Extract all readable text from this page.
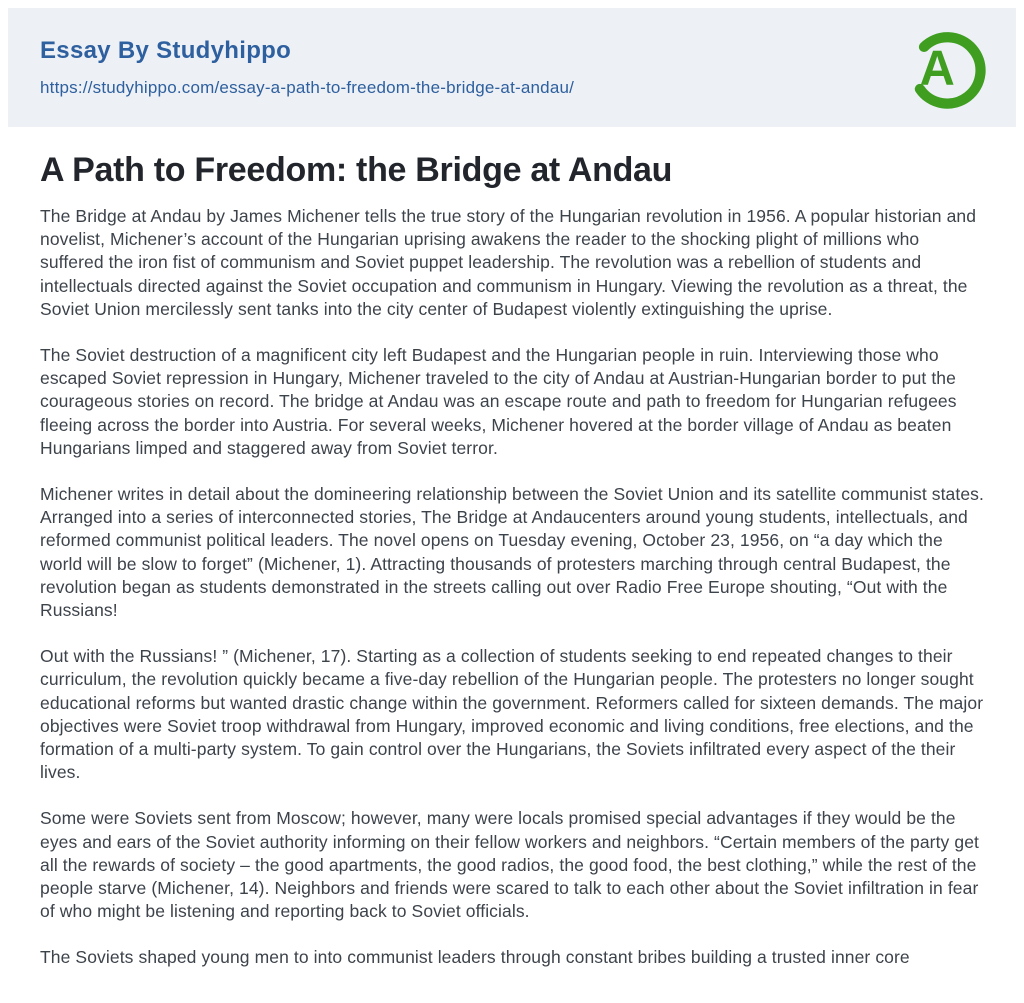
Essay By Studyhippo
https://studyhippo.com/essay-a-path-to-freedom-the-bridge-at-andau/	A
A Path to Freedom: the Bridge at Andau

The Bridge at Andau by James Michener tells the true story of the Hungarian revolution in 1956. A popular historian and novelist, Michener’s account of the Hungarian uprising awakens the reader to the shocking plight of millions who suffered the iron fist of communism and Soviet puppet leadership. The revolution was a rebellion of students and intellectuals directed against the Soviet occupation and communism in Hungary. Viewing the revolution as a threat, the Soviet Union mercilessly sent tanks into the city center of Budapest violently extinguishing the uprise.

The Soviet destruction of a magnificent city left Budapest and the Hungarian people in ruin. Interviewing those who escaped Soviet repression in Hungary, Michener traveled to the city of Andau at Austrian-Hungarian border to put the courageous stories on record. The bridge at Andau was an escape route and path to freedom for Hungarian refugees fleeing across the border into Austria. For several weeks, Michener hovered at the border village of Andau as beaten Hungarians limped and staggered away from Soviet terror.

Michener writes in detail about the domineering relationship between the Soviet Union and its satellite communist states. Arranged into a series of interconnected stories, The Bridge at Andaucenters around young students, intellectuals, and reformed communist political leaders. The novel opens on Tuesday evening, October 23, 1956, on “a day which the world will be slow to forget” (Michener, 1). Attracting thousands of protesters marching through central Budapest, the revolution began as students demonstrated in the streets calling out over Radio Free Europe shouting, “Out with the Russians!

Out with the Russians! ” (Michener, 17). Starting as a collection of students seeking to end repeated changes to their curriculum, the revolution quickly became a five-day rebellion of the Hungarian people. The protesters no longer sought educational reforms but wanted drastic change within the government. Reformers called for sixteen demands. The major objectives were Soviet troop withdrawal from Hungary, improved economic and living conditions, free elections, and the formation of a multi-party system. To gain control over the Hungarians, the Soviets infiltrated every aspect of the their lives.

Some were Soviets sent from Moscow; however, many were locals promised special advantages if they would be the eyes and ears of the Soviet authority informing on their fellow workers and neighbors. “Certain members of the party get all the rewards of society – the good apartments, the good radios, the good food, the best clothing,” while the rest of the people starve (Michener, 14). Neighbors and friends were scared to talk to each other about the Soviet infiltration in fear of who might be listening and reporting back to Soviet officials.

The Soviets shaped young men to into communist leaders through constant bribes building a trusted inner core
